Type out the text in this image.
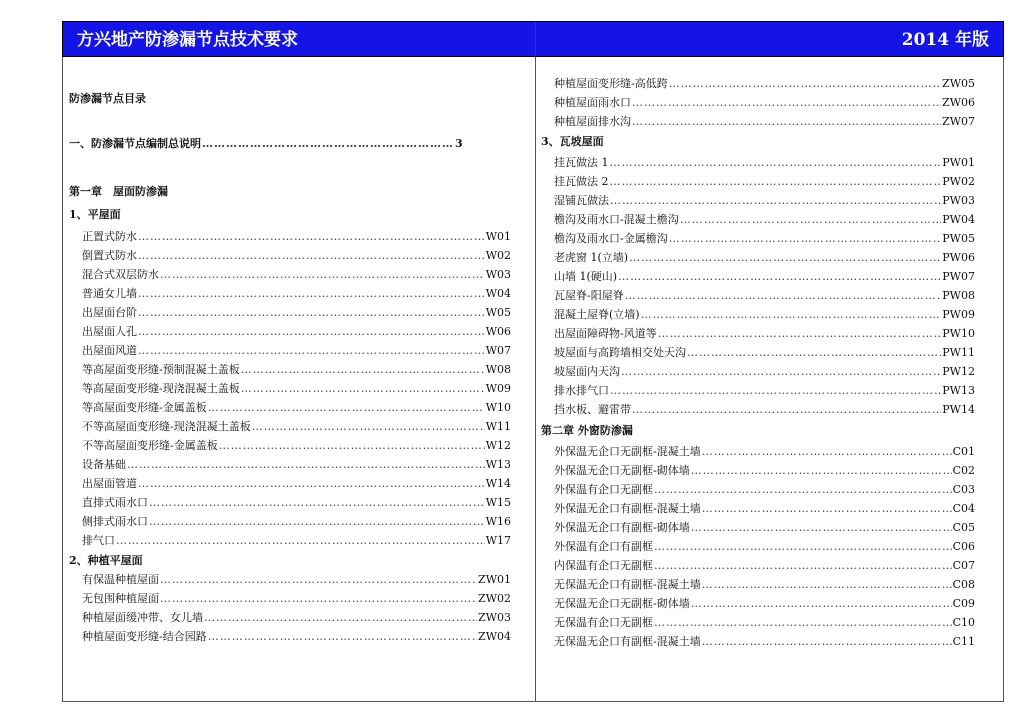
方兴地产防渗漏节点技术要求	2014 年版
防渗漏节点目录
一、防渗漏节点编制总说明 ………………………………………………………………………………………………………………………………………………………………………………………………	3
第一章　屋面防渗漏
1、平屋面
正置式防水 ………………………………………………………………………………………………………………………………………………………………………………………………	W01
倒置式防水 ………………………………………………………………………………………………………………………………………………………………………………………………	W02
混合式双层防水 ………………………………………………………………………………………………………………………………………………………………………………………………	W03
普通女儿墙 ………………………………………………………………………………………………………………………………………………………………………………………………	W04
出屋面台阶 ………………………………………………………………………………………………………………………………………………………………………………………………	W05
出屋面人孔 ………………………………………………………………………………………………………………………………………………………………………………………………	W06
出屋面风道 ………………………………………………………………………………………………………………………………………………………………………………………………	W07
等高屋面变形缝-预制混凝土盖板 ………………………………………………………………………………………………………………………………………………………………………………………………	W08
等高屋面变形缝-现浇混凝土盖板 ………………………………………………………………………………………………………………………………………………………………………………………………	W09
等高屋面变形缝-金属盖板 ………………………………………………………………………………………………………………………………………………………………………………………………	W10
不等高屋面变形缝-现浇混凝土盖板 ………………………………………………………………………………………………………………………………………………………………………………………………	W11
不等高屋面变形缝-金属盖板 ………………………………………………………………………………………………………………………………………………………………………………………………	W12
设备基础 ………………………………………………………………………………………………………………………………………………………………………………………………	W13
出屋面管道 ………………………………………………………………………………………………………………………………………………………………………………………………	W14
直排式雨水口 ………………………………………………………………………………………………………………………………………………………………………………………………	W15
侧排式雨水口 ………………………………………………………………………………………………………………………………………………………………………………………………	W16
排气口 ………………………………………………………………………………………………………………………………………………………………………………………………	W17
2、种植平屋面
有保温种植屋面 ………………………………………………………………………………………………………………………………………………………………………………………………	ZW01
无包围种植屋面 ………………………………………………………………………………………………………………………………………………………………………………………………	ZW02
种植屋面缓冲带、女儿墙 ………………………………………………………………………………………………………………………………………………………………………………………………	ZW03
种植屋面变形缝-结合园路 ………………………………………………………………………………………………………………………………………………………………………………………………	ZW04
种植屋面变形缝-高低跨 ………………………………………………………………………………………………………………………………………………………………………………………………	ZW05
种植屋面雨水口 ………………………………………………………………………………………………………………………………………………………………………………………………	ZW06
种植屋面排水沟 ………………………………………………………………………………………………………………………………………………………………………………………………	ZW07
3、瓦坡屋面
挂瓦做法 1 ………………………………………………………………………………………………………………………………………………………………………………………………	PW01
挂瓦做法 2 ………………………………………………………………………………………………………………………………………………………………………………………………	PW02
湿铺瓦做法 ………………………………………………………………………………………………………………………………………………………………………………………………	PW03
檐沟及雨水口-混凝土檐沟 ………………………………………………………………………………………………………………………………………………………………………………………………	PW04
檐沟及雨水口-金属檐沟 ………………………………………………………………………………………………………………………………………………………………………………………………	PW05
老虎窗 1(立墙) ………………………………………………………………………………………………………………………………………………………………………………………………	PW06
山墙 1(硬山) ………………………………………………………………………………………………………………………………………………………………………………………………	PW07
瓦屋脊-阳屋脊 ………………………………………………………………………………………………………………………………………………………………………………………………	PW08
混凝土屋脊(立墙) ………………………………………………………………………………………………………………………………………………………………………………………………	PW09
出屋面障碍物-风道等 ………………………………………………………………………………………………………………………………………………………………………………………………	PW10
坡屋面与高跨墙相交处天沟 ………………………………………………………………………………………………………………………………………………………………………………………………	PW11
坡屋面内天沟 ………………………………………………………………………………………………………………………………………………………………………………………………	PW12
排水排气口 ………………………………………………………………………………………………………………………………………………………………………………………………	PW13
挡水板、避雷带 ………………………………………………………………………………………………………………………………………………………………………………………………	PW14
第二章 外窗防渗漏
外保温无企口无副框-混凝土墙 ………………………………………………………………………………………………………………………………………………………………………………………………	C01
外保温无企口无副框-砌体墙 ………………………………………………………………………………………………………………………………………………………………………………………………	C02
外保温有企口无副框 ………………………………………………………………………………………………………………………………………………………………………………………………	C03
外保温无企口有副框-混凝土墙 ………………………………………………………………………………………………………………………………………………………………………………………………	C04
外保温无企口有副框-砌体墙 ………………………………………………………………………………………………………………………………………………………………………………………………	C05
外保温有企口有副框 ………………………………………………………………………………………………………………………………………………………………………………………………	C06
内保温有企口无副框 ………………………………………………………………………………………………………………………………………………………………………………………………	C07
无保温无企口有副框-混凝土墙 ………………………………………………………………………………………………………………………………………………………………………………………………	C08
无保温无企口无副框-砌体墙 ………………………………………………………………………………………………………………………………………………………………………………………………	C09
无保温有企口无副框 ………………………………………………………………………………………………………………………………………………………………………………………………	C10
无保温无企口有副框-混凝土墙 ………………………………………………………………………………………………………………………………………………………………………………………………	C11
